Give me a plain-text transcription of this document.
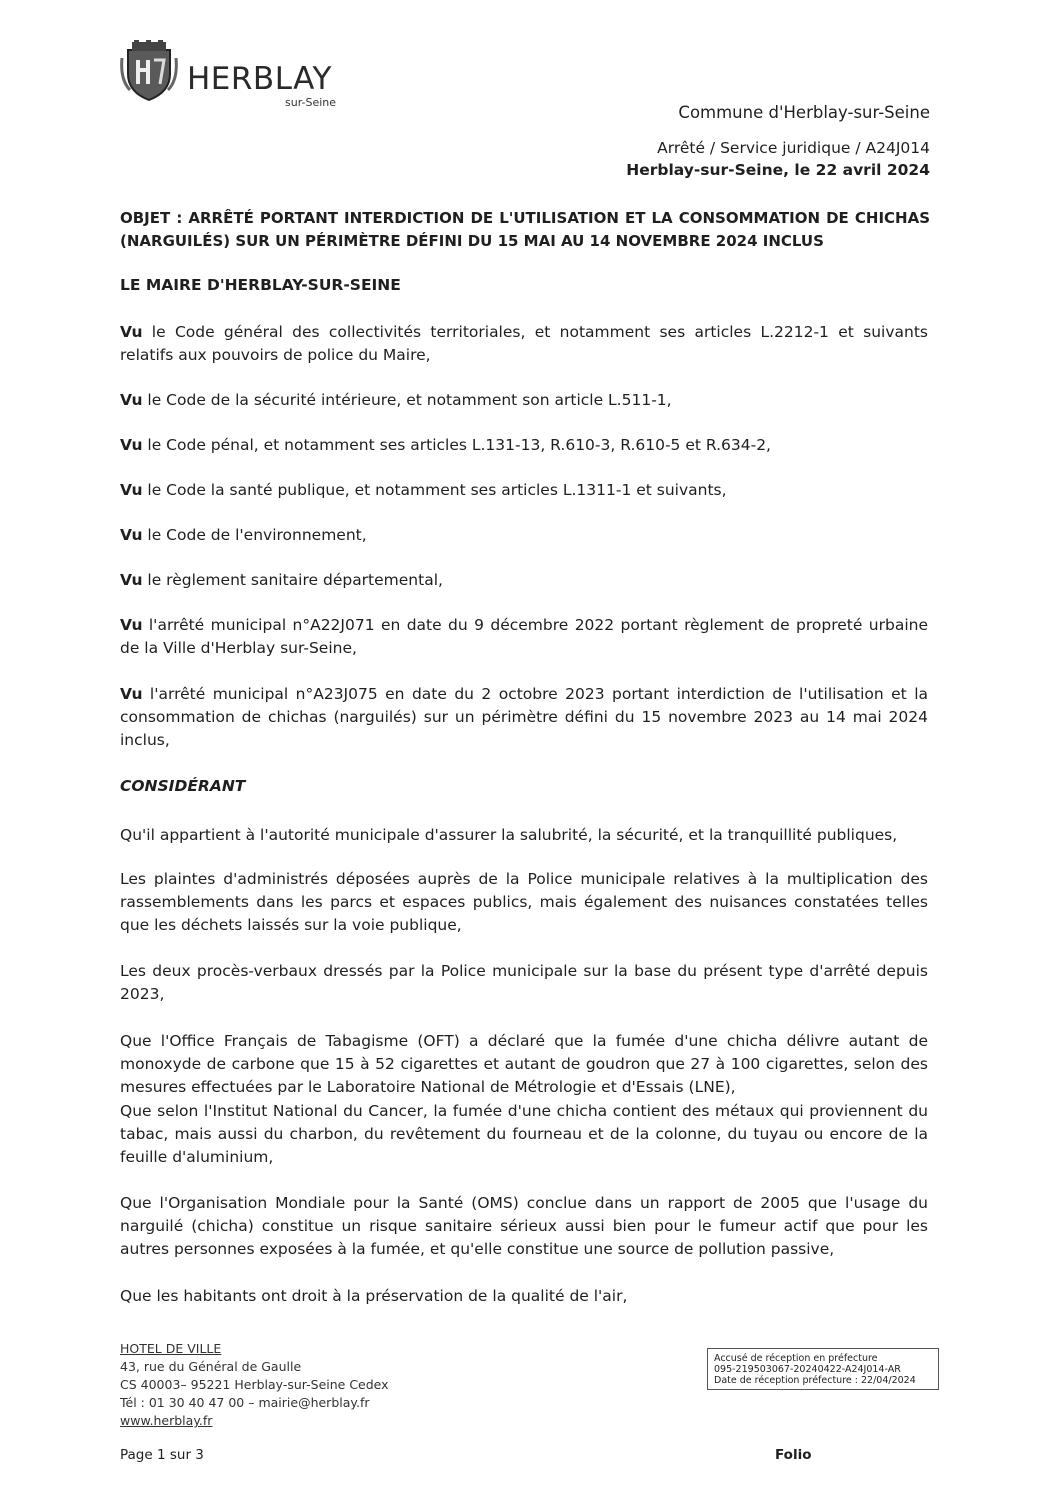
HERBLAY
sur-Seine
Commune d'Herblay-sur-Seine
Arrêté / Service juridique / A24J014
Herblay-sur-Seine, le 22 avril 2024
OBJET : ARRÊTÉ PORTANT INTERDICTION DE L'UTILISATION ET LA CONSOMMATION DE CHICHAS (NARGUILÉS) SUR UN PÉRIMÈTRE DÉFINI DU 15 MAI AU 14 NOVEMBRE 2024 INCLUS
LE MAIRE D'HERBLAY-SUR-SEINE
Vu le Code général des collectivités territoriales, et notamment ses articles L.2212-1 et suivants relatifs aux pouvoirs de police du Maire,
Vu le Code de la sécurité intérieure, et notamment son article L.511-1,
Vu le Code pénal, et notamment ses articles L.131-13, R.610-3, R.610-5 et R.634-2,
Vu le Code la santé publique, et notamment ses articles L.1311-1 et suivants,
Vu le Code de l'environnement,
Vu le règlement sanitaire départemental,
Vu l'arrêté municipal n°A22J071 en date du 9 décembre 2022 portant règlement de propreté urbaine de la Ville d'Herblay sur-Seine,
Vu l'arrêté municipal n°A23J075 en date du 2 octobre 2023 portant interdiction de l'utilisation et la consommation de chichas (narguilés) sur un périmètre défini du 15 novembre 2023 au 14 mai 2024 inclus,
CONSIDÉRANT
Qu'il appartient à l'autorité municipale d'assurer la salubrité, la sécurité, et la tranquillité publiques,
Les plaintes d'administrés déposées auprès de la Police municipale relatives à la multiplication des rassemblements dans les parcs et espaces publics, mais également des nuisances constatées telles que les déchets laissés sur la voie publique,
Les deux procès-verbaux dressés par la Police municipale sur la base du présent type d'arrêté depuis 2023,
Que l'Office Français de Tabagisme (OFT) a déclaré que la fumée d'une chicha délivre autant de monoxyde de carbone que 15 à 52 cigarettes et autant de goudron que 27 à 100 cigarettes, selon des mesures effectuées par le Laboratoire National de Métrologie et d'Essais (LNE),
Que selon l'Institut National du Cancer, la fumée d'une chicha contient des métaux qui proviennent du tabac, mais aussi du charbon, du revêtement du fourneau et de la colonne, du tuyau ou encore de la feuille d'aluminium,
Que l'Organisation Mondiale pour la Santé (OMS) conclue dans un rapport de 2005 que l'usage du narguilé (chicha) constitue un risque sanitaire sérieux aussi bien pour le fumeur actif que pour les autres personnes exposées à la fumée, et qu'elle constitue une source de pollution passive,
Que les habitants ont droit à la préservation de la qualité de l'air,
HOTEL DE VILLE
43, rue du Général de Gaulle
CS 40003– 95221 Herblay-sur-Seine Cedex
Tél : 01 30 40 47 00 – mairie@herblay.fr
www.herblay.fr
Accusé de réception en préfecture
095-219503067-20240422-A24J014-AR
Date de réception préfecture : 22/04/2024
Page 1 sur 3	Folio
